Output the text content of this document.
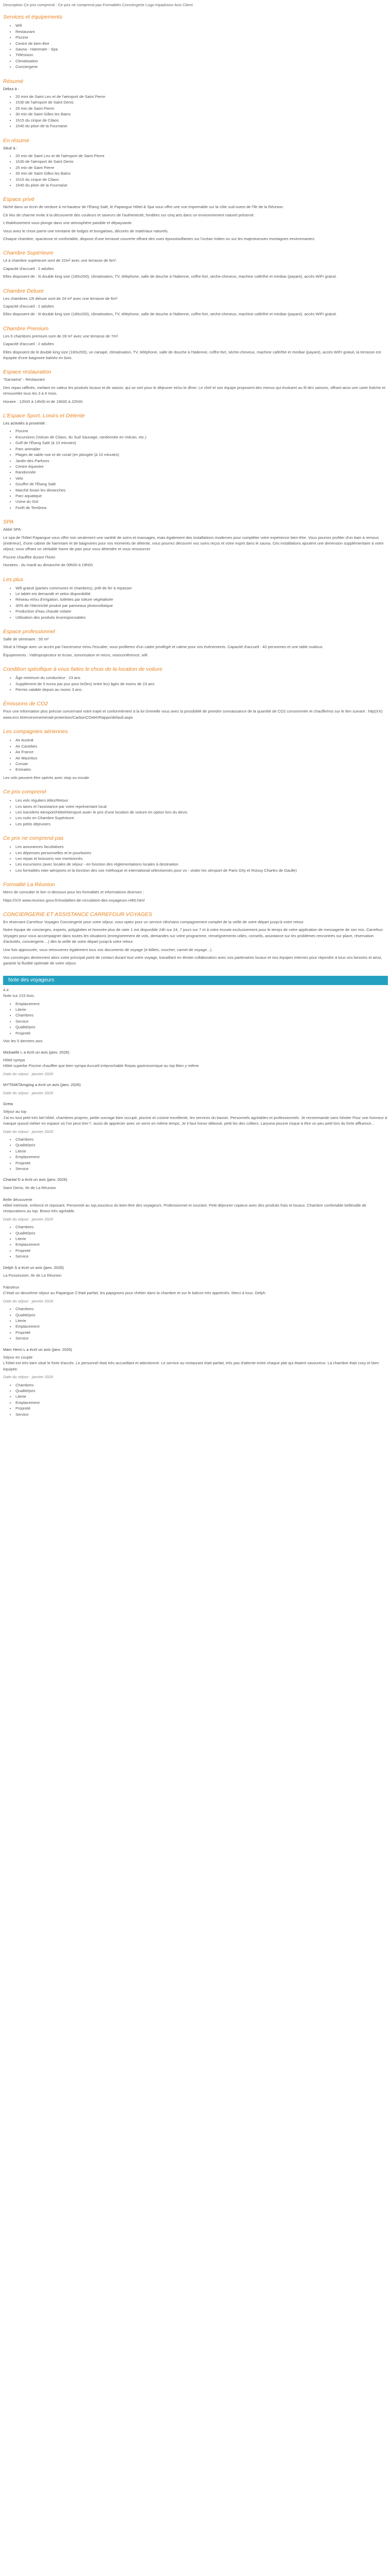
Description Ce prix comprend : Ce prix ne comprend pas Formalités Conciergerie Logo tripadvisor Avis Client
Services et équipements
• Wifi
• Restaurant
• Piscine
• Centre de bien-être
• Sauna - Hammam - Spa
• Télévision
• Climatisation
• Conciergerie
Résumé
Début à :
• 20 mini de Saint Leu et de l'aéroport de Saint Pierre
• 1h30 de l'aéroport de Saint Denis
• 25 min de Saint Pierre
• 30 min de Saint Gilles les Bains
• 1h15 du cirque de Cilaos
• 1h40 du piton de la Fournaise
En résumé
Situé à :
• 20 min de Saint Leu et de l'aéroport de Saint Pierre
• 1h30 de l'aéroport de Saint Denis
• 25 min de Saint Pierre
• 30 min de Saint Gilles les Bains
• 1h15 du cirque de Cilaos
• 1h40 du piton de la Fournaise
Espace privé

Niché dans un écrin de verdure à mi-hauteur de l'Étang Salé, le Papangue Hôtel & Spa vous offre une vue imprenable sur la côte sud-ouest de l'île de la Réunion.

Ce lieu de charme invite à la découverte des couleurs et saveurs de l'authenticité, fondées sur cinq arts dans un environnement naturel préservé.

L'établissement vous plonge dans une atmosphère paisible et dépaysante.

Vous avez le choix parmi une trentaine de lodges et bungalows, décorés de matériaux naturels.

Chaque chambre, spacieuse et confortable, dispose d'une terrasse couverte offrant des vues époustouflantes sur l'océan Indien ou sur les majestueuses montagnes environnantes.

Chambre Supérieure

Lit à chambre supérieure sont de 22m² avec une terrasse de 6m².

Capacité d'accueil : 2 adultes

Elles disposent de : lit double king size (180x200), climatisation, TV, téléphone, salle de douche à l'italienne, coffre-fort, sèche-cheveux, machine café/thé et minibar (payant), accès WIFI gratuit.

Chambre Deluxe

Les chambres 1/6 deluxe sont de 24 m² avec une terrasse de 6m²

Capacité d'accueil : 2 adultes

Elles disposent de : lit double king size (180x200), climatisation, TV, téléphone, salle de douche à l'italienne, coffre-fort, sèche-cheveux, machine café/thé et minibar (payant), accès WIFI gratuit.

Chambre Premium

Les 6 chambres premium sont de 28 m² avec une terrasse de 7m².

Capacité d'accueil : 2 adultes

Elles disposent de lit double king size (180x200), un canapé, climatisation, TV, téléphone, salle de douche à l'italienne, coffre-fort, sèche-cheveux, machine café/thé et minibar (payant), accès WIFI gratuit, la terrasse est équipée d'une baignoire balnéo en bois.

Espace restauration

"Garsama" - Restaurant

Des repas raffinés, mettant en valeur les produits locaux et de saison, qui se sert pour le déjeuner et/ou le dîner. Le chef et son équipe proposent des menus qui évoluent au fil des saisons, offrant ainsi une carte fraîche et renouvelée tous les 3 à 4 mois.

Horaire : 12h00 à 14h00 et de 19h00 à 22h00.

L'Espace Sport, Loisirs et Détente
Les activités à proximité :
• Piscine
• Excursions (Volcan de Cilaos, du Sud Sauvage, randonnée en Volcan, etc.)
• Golf de l'Étang Salé (à 10 minutes)
• Parc animalier
• Plages de sable noir et de corail (en plongée (à 10 minutes)
• Jardin des Parfums
• Centre équestre
• Randonnée
• Velo
• Gouffre de l'Étang Salé
• Marché forain les dimanches
• Parc aquatique
• Usine du Gol
• Forêt de Tembrea
SPA

Abbé SPA

Le spa de l'hôtel Papangue vous offre non seulement une variété de soins et massages, mais également des installations modernes pour compléter votre expérience bien-être. Vous pourrez profiter d'un bain à remous (extérieur), d'une cabine de hammam et de baignoires pour vos moments de détente, vous pourrez découvrir vos soins reçus et votre esprit dans le sauna. Ces installations ajoutent une dimension supplémentaire à votre séjour, vous offrant un véritable havre de paix pour vous détendre et vous ressourcer.

Piscine chauffée durant l'hiver.

Horaires : du mardi au dimanche de 09h00 à 19h00.

Les plus
• Wifi gratuit (parties communes et chambres), prêt de fer à repasser
• Le tablet est demandé et selon disponibilité
• Réseau et/ou d'irrigation, toilettes par toiture végétalisée
• 30% de l'électricité produit par panneaux photovoltaïque
• Production d'eau chaude solaire
• Utilisation des produits écoresponsables
Espace professionnel

Salle de séminaire : 55 m²

Situé à l'étage avec un accès par l'ascenseur et/ou l'escalier, vous profiterez d'un cadre privilégié et calme pour vos événements. Capacité d'accueil : 40 personnes et une table ovaloux.

Équipements : Vidéoprojecteur et écran, sonorisation et micro, visioconférence, wifi

Condition spécifique à vous faites le choix de la location de voiture
• Âge minimum du conducteur : 23 ans
• Supplément de 5 euros par jour pour le/(les) entre les) âgés de moins de 23 ans
• Permis valable depuis au moins 3 ans.
Émissions de CO2

Pour une information plus précise concernant votre trajet et conformément à la loi Grenelle vous avez la possibilité de prendre connaissance de la quantité de CO2 consommée et chauffe/mis sur le lien suivant : http(XX) www.eco.ht/environnemental-protection/CarbonCO4eh/Rappo/default.aspx

Les compagnies aériennes
• Air Austral
• Air Caraïbes
• Air France
• Air Mauritius
• Corsair
• Emirates

Les vols peuvent être opérés avec stop ou escale

Ce prix comprend
• Les vols réguliers Allez/Retour
• Les taxes et l'assistance par votre représentant local
• Les transferts Aéroport/Hôtel/Aéroport aval+ le prix d'une location de voiture en option lors du devis
• Les nuits en Chambre Supérieure
• Les petits déjeuners
Ce prix ne comprend pas
• Les assurances facultatives
• Les dépenses personnelles et le pourboires
• Les repas et boissons non mentionnés
• Les excursions (avec locales de séjour - en fonction des réglementations locales à destination
• Les formalités inter-aéroports et la fonction des voir méthoque et international sélectionnés pour vo - visiter les séroport de Paris Orly et Roissy Charles de Gaulle)
Formalité La Réunion

Merci de consulter le lien ci-dessous pour les formalités et informations diverses :

https://X/X www.reunion.gouv.fr/modalites-de-circulation-des-voyageurs-r460.html

CONCIERGERIE ET ASSISTANCE CARREFOUR VOYAGES

En réservant Carrefour Voyages Conciergerie pour votre séjour, vous optez pour un service clés/sans compagnement complet de la veille de votre départ jusqu'à votre retour.

Notre équipe de concierges, experts, polyglottes et honorée plus de rater 1 est disponible 24h sur 24, 7 jours sur 7 et à votre écoute exclusivement pour le temps de votre application de messagerie de son mis. Carrefour Voyages pour vous accompagner dans toutes les situations (enregistrement de vols, demandes sur votre programme, renseignements utiles, conseils, assistance sur les problèmes rencontrés sur place, réservation d'activités, conciergerie....) dès la veille de votre départ jusqu'à votre retour.

Une fois approuvée, vous retrouverez également tous vos documents de voyage (e-billets, voucher, carnet de voyage...).

Vos concierges deviennent alors votre principal point de contact durant tout votre voyage, travaillant en étroite collaboration avec nos partenaires locaux et nos équipes internes pour répondre à tous vos besoins et ainsi, garantir la fluidité optimale de votre séjour.

Note des voyageurs
4.4
Note sur 215 Avis.
• Emplacement
• Literie
• Chambres
• Service
• Qualité/prix
• Propreté

Voir les 5 derniers avis

Mickaelle L a écrit un avis (janv. 2026)
Hôtel sympa
Hôtel superbe Piscine chauffée que bien sympa Accueil irréprochable Repas gastronomique au top Bien y même
Date du séjour : janvier 2026
MYT646TAmgiixg a écrit un avis (janv. 2026)
Date du séjour : janvier 2026
Greta
Séjour au top
J'ai eu tout petit très bel hôtel, chambres propres, petite ouvrage bien occupé, piscine et cuisine excellente, les services du bassin. Personnels agréables et professionnels. Je recommande sans hésiter Pour une honneur à marque quoud métier en espace où l'on peut tirer l'. aussi de apprécier avec un verre en même temps. Je il faut honor déboisé, petit les des colliers. Laryuna piscine risque à être un peu petit lors du forte affluence...
Date du séjour : janvier 2026
• Chambres
• Qualité/prix
• Literie
• Emplacement
• Propreté
• Service
Chantal D a écrit un avis (janv. 2026)
Saint Denis, Ile de La Réunion

Belle découverte
Hôtel intimiste, enfoncé et reposant. Personnel au top,soucieux du bien-être des voyageurs. Professionnel et souriant. Petit déjeuner copieux avec des produits frais et locaux. Chambre confortable bellesalle de restaurations au top. Bravo très agréable.
Date du séjour : janvier 2026
• Chambres
• Qualité/prix
• Literie
• Emplacement
• Propreté
• Service
Delph S a écrit un avis (janv. 2026)
La Possession, Ile de La Réunion

Fabuleux
C'était un deuxième séjour au Papangue C'était parfait, les papignons pour chétier dans la chambre et sur le balcon très appréciés. Merci à tous. Delph.
Date du séjour : janvier 2026
• Chambres
• Qualité/prix
• Literie
• Emplacement
• Propreté
• Service
Marc Henri L a écrit un avis (janv. 2026)
Séjour en couple
L'hôtel est très bien situé le forte d'accès. Le personnel était très accueillant et attentionné. Le service au restaurant était parfait, très pas d'attente entre chaque plat qui étaient savoureux. La chambre était cosy et bien équipée.
Date du séjour : janvier 2026
• Chambres
• Qualité/prix
• Literie
• Emplacement
• Propreté
• Service
